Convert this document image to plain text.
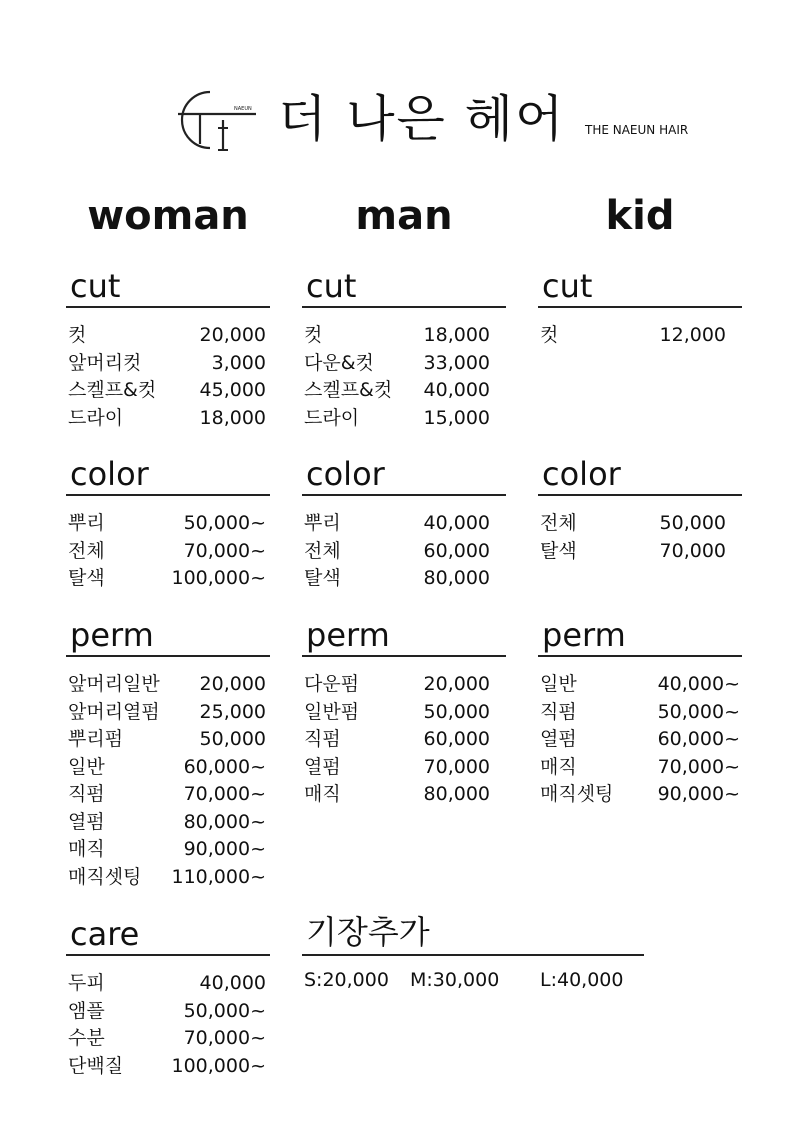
NAEUN 더 나은 헤어 THE NAEUN HAIR
woman	man	kid
cut
컷	20,000
앞머리컷	3,000
스켈프&컷 45,000
드라이	18,000
color
뿌리	50,000~
전체	70,000~
탈색	100,000~
perm
앞머리일반 20,000
앞머리열펌 25,000
뿌리펌	50,000
일반	60,000~
직펌	70,000~
열펌	80,000~
매직	90,000~
매직셋팅 110,000~
care
두피	40,000
앰플	50,000~
수분	70,000~
단백질	100,000~
cut
컷	18,000
다운&컷	33,000
스켈프&컷 40,000
드라이	15,000
color
뿌리	40,000
전체	60,000
탈색	80,000
perm
다운펌	20,000
일반펌	50,000
직펌	60,000
열펌	70,000
매직	80,000
cut
컷	12,000
color
전체	50,000
탈색	70,000
perm
일반	40,000~
직펌	50,000~
열펌	60,000~
매직	70,000~
매직셋팅 90,000~
기장추가
S:20,000 M:30,000 L:40,000
